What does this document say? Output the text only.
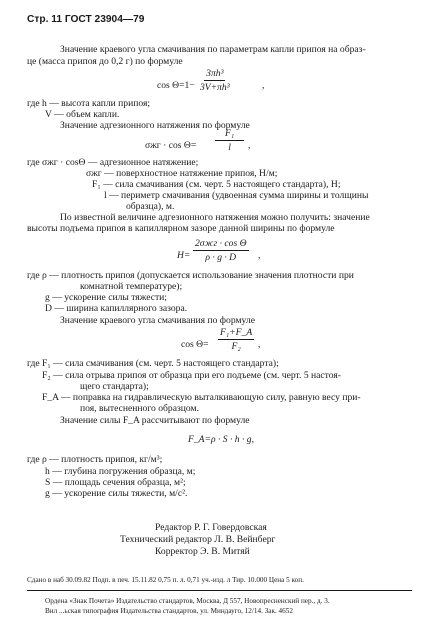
Стр. 11 ГОСТ 23904—79
Значение краевого угла смачивания по параметрам капли припоя на образ-
це (масса припоя до 0,2 г) по формуле
$\cos \Theta=1- \frac{\text{3πh³}}{\text{3V+πh³}}$	,
где h — высота капли припоя;
V — объем капли.
Значение адгезионного натяжения по формуле
$\sigma жг \cdot \cos \Theta= \frac{\text{F₁}}{l}$ ,
где σжг · cosΘ — адгезионное натяжение;
σжг — поверхностное натяжение припоя, Н/м;
F₁ — сила смачивания (см. черт. 5 настоящего стандарта), Н;
l — периметр смачивания (удвоенная сумма ширины и толщины
образца), м.
По известной величине адгезионного натяжения можно получить: значение
высоты подъема припоя в капиллярном зазоре данной ширины по формуле
H=
2σжг · cos Θ
ρ · g · D ,
где ρ — плотность припоя (допускается использование значения плотности при
комнатной температуре);
g — ускорение силы тяжести;
D — ширина капиллярного зазора.
Значение краевого угла смачивания по формуле
$\cos \Theta= \frac{\text{F₁+F\_A}}{\text{F₂}}$ ,
где F₁ — сила смачивания (см. черт. 5 настоящего стандарта);
F₂ — сила отрыва припоя от образца при его подъеме (см. черт. 5 настоя-
щего стандарта);
F_A — поправка на гидравлическую выталкивающую силу, равную весу при-
поя, вытесненного образцом.
Значение силы F_A рассчитывают по формуле
F_A=ρ · S · h · g,
где ρ — плотность припоя, кг/м³;
h — глубина погружения образца, м;
S — площадь сечения образца, м²;
g — ускорение силы тяжести, м/с².
Редактор Р. Г. Говердовская
Технический редактор Л. В. Вейнберг
Корректор Э. В. Митяй
Сдано в наб 30.09.82 Подп. в печ. 15.11.82 0,75 п. л. 0,71 уч.-изд. л Тир. 10.000 Цена 5 коп.
Ордена «Знак Почета» Издательство стандартов, Москва, Д 557, Новопресненский пер., д. 3.
Вил ...ьская типография Издательства стандартов, ул. Миндауго, 12/14. Зак. 4652
